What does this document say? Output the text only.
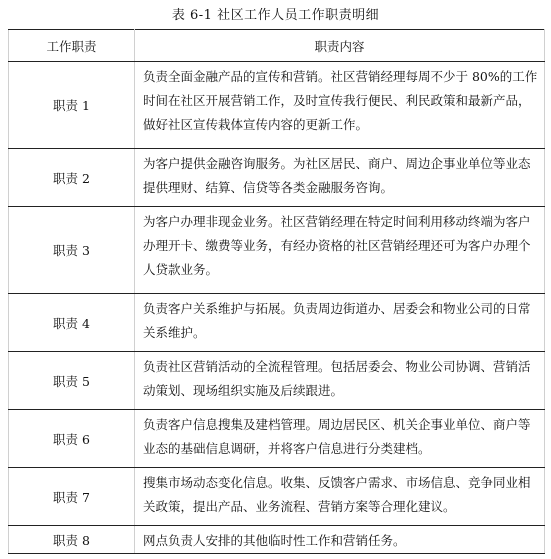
表 6-1 社区工作人员工作职责明细
工作职责	职责内容
职责 1	负责全面金融产品的宣传和营销。社区营销经理每周不少于 80%的工作时间在社区开展营销工作，及时宣传我行便民、利民政策和最新产品，做好社区宣传栽体宣传内容的更新工作。
职责 2	为客户提供金融咨询服务。为社区居民、商户、周边企事业单位等业态提供理财、结算、信贷等各类金融服务咨询。
职责 3	为客户办理非现金业务。社区营销经理在特定时间利用移动终端为客户办理开卡、缴费等业务，有经办资格的社区营销经理还可为客户办理个人贷款业务。
职责 4	负责客户关系维护与拓展。负责周边街道办、居委会和物业公司的日常关系维护。
职责 5	负责社区营销活动的全流程管理。包括居委会、物业公司协调、营销活动策划、现场组织实施及后续跟进。
职责 6	负责客户信息搜集及建档管理。周边居民区、机关企事业单位、商户等业态的基础信息调研，并将客户信息进行分类建档。
职责 7	搜集市场动态变化信息。收集、反馈客户需求、市场信息、竞争同业相关政策，提出产品、业务流程、营销方案等合理化建议。
职责 8	网点负责人安排的其他临时性工作和营销任务。
